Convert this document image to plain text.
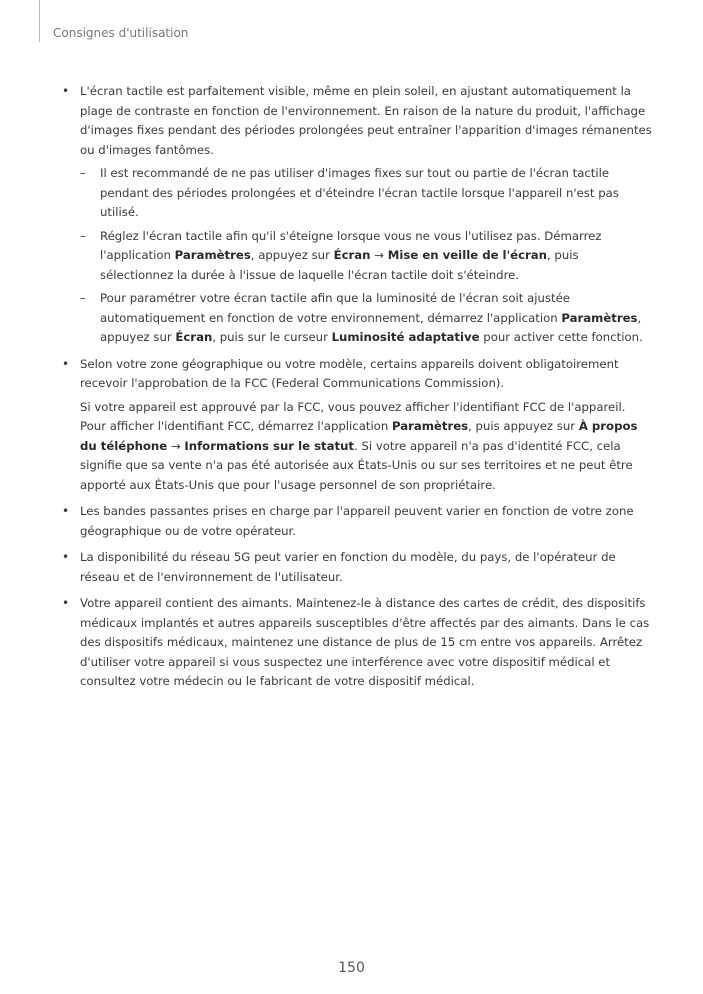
Consignes d'utilisation
• L'écran tactile est parfaitement visible, même en plein soleil, en ajustant automatiquement la plage de contraste en fonction de l'environnement. En raison de la nature du produit, l'affichage d'images fixes pendant des périodes prolongées peut entraîner l'apparition d'images rémanentes ou d'images fantômes.
– Il est recommandé de ne pas utiliser d'images fixes sur tout ou partie de l'écran tactile pendant des périodes prolongées et d'éteindre l'écran tactile lorsque l'appareil n'est pas utilisé.
– Réglez l'écran tactile afin qu'il s'éteigne lorsque vous ne vous l'utilisez pas. Démarrez l'application Paramètres, appuyez sur Écran → Mise en veille de l'écran, puis sélectionnez la durée à l'issue de laquelle l'écran tactile doit s'éteindre.
– Pour paramétrer votre écran tactile afin que la luminosité de l'écran soit ajustée automatiquement en fonction de votre environnement, démarrez l'application Paramètres, appuyez sur Écran, puis sur le curseur Luminosité adaptative pour activer cette fonction.
• Selon votre zone géographique ou votre modèle, certains appareils doivent obligatoirement recevoir l'approbation de la FCC (Federal Communications Commission).
Si votre appareil est approuvé par la FCC, vous pouvez afficher l'identifiant FCC de l'appareil. Pour afficher l'identifiant FCC, démarrez l'application Paramètres, puis appuyez sur À propos du téléphone → Informations sur le statut. Si votre appareil n'a pas d'identité FCC, cela signifie que sa vente n'a pas été autorisée aux États-Unis ou sur ses territoires et ne peut être apporté aux États-Unis que pour l'usage personnel de son propriétaire.
• Les bandes passantes prises en charge par l'appareil peuvent varier en fonction de votre zone géographique ou de votre opérateur.
• La disponibilité du réseau 5G peut varier en fonction du modèle, du pays, de l'opérateur de réseau et de l'environnement de l'utilisateur.
• Votre appareil contient des aimants. Maintenez-le à distance des cartes de crédit, des dispositifs médicaux implantés et autres appareils susceptibles d'être affectés par des aimants. Dans le cas des dispositifs médicaux, maintenez une distance de plus de 15 cm entre vos appareils. Arrêtez d'utiliser votre appareil si vous suspectez une interférence avec votre dispositif médical et consultez votre médecin ou le fabricant de votre dispositif médical.
150
